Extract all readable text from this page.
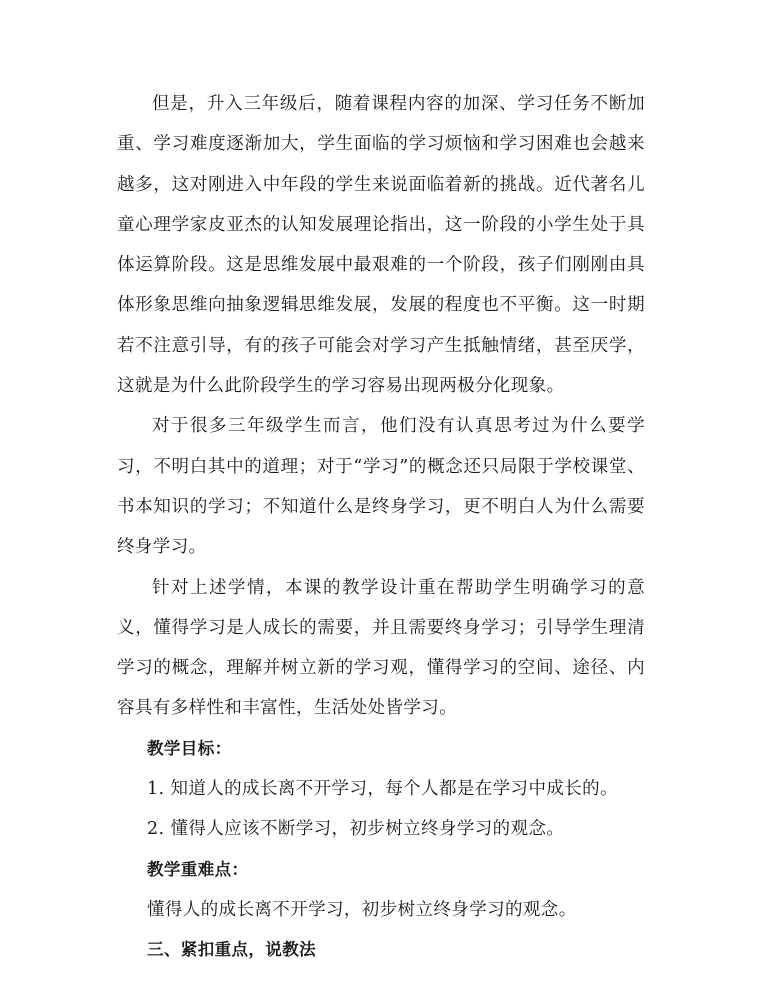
但是，升入三年级后，随着课程内容的加深、学习任务不断加重、学习难度逐渐加大，学生面临的学习烦恼和学习困难也会越来越多，这对刚进入中年段的学生来说面临着新的挑战。近代著名儿童心理学家皮亚杰的认知发展理论指出，这一阶段的小学生处于具体运算阶段。这是思维发展中最艰难的一个阶段，孩子们刚刚由具体形象思维向抽象逻辑思维发展，发展的程度也不平衡。这一时期若不注意引导，有的孩子可能会对学习产生抵触情绪，甚至厌学，这就是为什么此阶段学生的学习容易出现两极分化现象。

对于很多三年级学生而言，他们没有认真思考过为什么要学习，不明白其中的道理；对于“学习”的概念还只局限于学校课堂、书本知识的学习；不知道什么是终身学习，更不明白人为什么需要终身学习。

针对上述学情，本课的教学设计重在帮助学生明确学习的意义，懂得学习是人成长的需要，并且需要终身学习；引导学生理清学习的概念，理解并树立新的学习观，懂得学习的空间、途径、内容具有多样性和丰富性，生活处处皆学习。

教学目标：

1. 知道人的成长离不开学习，每个人都是在学习中成长的。

2. 懂得人应该不断学习，初步树立终身学习的观念。

教学重难点：

懂得人的成长离不开学习，初步树立终身学习的观念。

三、紧扣重点，说教法
